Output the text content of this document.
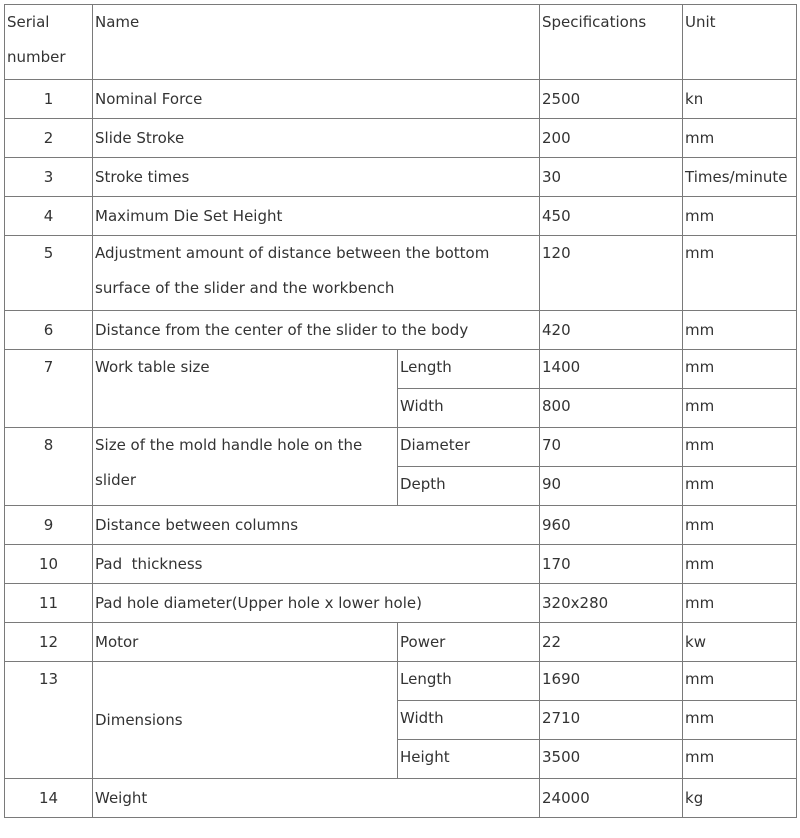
Serial number	Name		Specifications	Unit
1	Nominal Force		2500	kn
2	Slide Stroke		200	mm
3	Stroke times		30	Times/minute
4	Maximum Die Set Height		450	mm
5	Adjustment amount of distance between the bottom surface of the slider and the workbench		120	mm
6	Distance from the center of the slider to the body		420	mm
7	Work table size	Length	1400	mm
		Width	800	mm
8	Size of the mold handle hole on the slider	Diameter	70	mm
		Depth	90	mm
9	Distance between columns		960	mm
10	Pad  thickness		170	mm
11	Pad hole diameter(Upper hole x lower hole)		320x280	mm
12	Motor	Power	22	kw
13	Dimensions	Length	1690	mm
		Width	2710	mm
		Height	3500	mm
14	Weight		24000	kg
